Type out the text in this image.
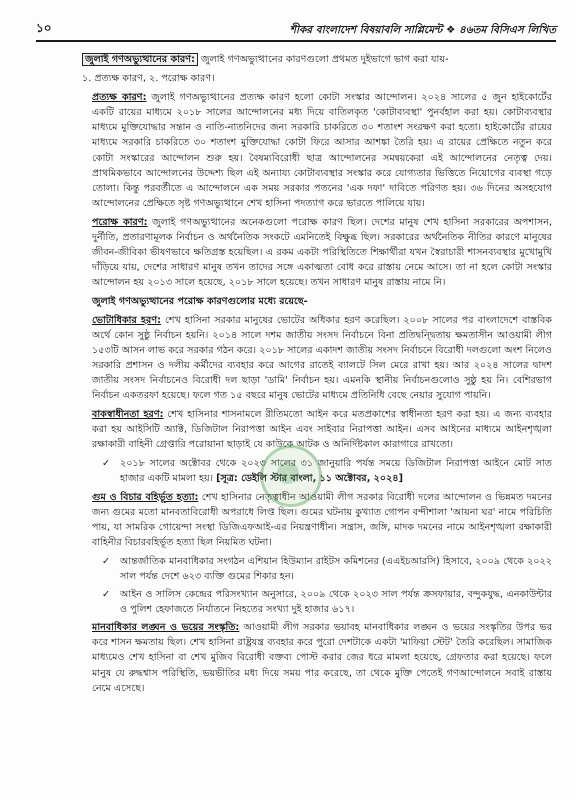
১০	শীকর বাংলাদেশ বিষয়াবলি সাপ্লিমেন্ট ❖ ৪৬তম বিসিএস লিখিত

জুলাই গণঅভ্যুত্থানের কারণ: জুলাই গণঅভ্যুত্থানের কারণগুলো প্রথমত দুইভাগে ভাগ করা যায়-

১. প্রত্যক্ষ কারণ, ২. পরোক্ষ কারণ।

প্রত্যক্ষ কারণ: জুলাই গণঅভ্যুত্থানের প্রত্যক্ষ কারণ হলো কোটা সংস্কার আন্দোলন। ২০২৪ সালের ৫ জুন হাইকোর্টের একটি রায়ের মাধ্যমে ২০১৮ সালের আন্দোলনের মধ্য দিয়ে বাতিলকৃত 'কোটাব্যবস্থা' পুনর্বহাল করা হয়। কোটাব্যবস্থার মাধ্যমে মুক্তিযোদ্ধার সন্তান ও নাতি-নাতনিদের জন্য সরকারি চাকরিতে ৩০ শতাংশ সংরক্ষণ করা হতো। হাইকোর্টের রায়ের মাধ্যমে সরকারি চাকরিতে ৩০ শতাংশ মুক্তিযোদ্ধা কোটা ফিরে আসার আশঙ্কা তৈরি হয়। এ রায়ের প্রেক্ষিতে নতুন করে কোটা সংস্কারের আন্দোলন শুরু হয়। বৈষম্যবিরোধী ছাত্র আন্দোলনের সমন্বয়কেরা এই আন্দোলনের নেতৃত্ব দেয়। প্রাথমিকভাবে আন্দোলনের উদ্দেশ্য ছিল এই অন্যায্য কোটাব্যবস্থার সংস্কার করে যোগ্যতার ভিত্তিতে নিয়োগের ব্যবস্থা গড়ে তোলা। কিন্তু পরবর্তীতে এ আন্দোলনে এক সময় সরকার পতনের 'এক দফা' দাবিতে পরিণত হয়। ৩৬ দিনের অসহযোগ আন্দোলনের প্রেক্ষিতে সৃষ্ট গণঅভ্যুত্থানে শেখ হাসিনা পদত্যাগ করে ভারতে পালিয়ে যায়।

পরোক্ষ কারণ: জুলাই গণঅভ্যুত্থানের অনেকগুলো পরোক্ষ কারণ ছিল। দেশের মানুষ শেখ হাসিনা সরকারের অপশাসন, দুর্নীতি, প্রতারণামূলক নির্বাচন ও অর্থনৈতিক সংকটে এমনিতেই বিক্ষুব্ধ ছিল। সরকারের অর্থনৈতিক নীতির কারণে মানুষের জীবন-জীবিকা ভীষণভাবে ক্ষতিগ্রস্ত হয়েছিল। এ রকম একটা পরিস্থিতিতে শিক্ষার্থীরা যখন স্বৈরাচারী শাসনব্যবস্থার মুখোমুখি দাঁড়িয়ে যায়, দেশের সাধারণ মানুষ তখন তাদের সঙ্গে একাত্মতা বোধ করে রাস্তায় নেমে আসে। তা না হলে কোটা সংস্কার আন্দোলন হয় ২০১৩ সালে হয়েছে, ২০১৮ সালে হয়েছে। তখন সাধারণ মানুষ রাস্তায় নামে নি।

জুলাই গণঅভ্যুত্থানের পরোক্ষ কারণগুলোর মধ্যে রয়েছে-

ভোটাধিকার হরণ: শেখ হাসিনা সরকার মানুষের ভোটের অধিকার হরণ করেছিল। ২০০৮ সালের পর বাংলাদেশে বাস্তবিক অর্থে কোন সুষ্ঠু নির্বাচন হয়নি। ২০১৪ সালে দশম জাতীয় সংসদ নির্বাচনে বিনা প্রতিদ্বন্দ্বিতায় ক্ষমতাসীন আওয়ামী লীগ ১৫৩টি আসন লাভ করে সরকার গঠন করে। ২০১৮ সালের একাদশ জাতীয় সংসদ নির্বাচনে বিরোধী দলগুলো অংশ নিলেও সরকারি প্রশাসন ও দলীয় কর্মীদের ব্যবহার করে আগের রাতেই ব্যালটে সিল মেরে রাখা হয়। আর ২০২৪ সালের দ্বাদশ জাতীয় সংসদ নির্বাচনেও বিরোধী দল ছাড়া 'ডামি' নির্বাচন হয়। এমনকি স্থানীয় নির্বাচনগুলোও সুষ্ঠু হয় নি। বেশিরভাগ নির্বাচন একতরফা হয়েছে। ফলে গত ১৫ বছরে মানুষ ভোটের মাধ্যমে প্রতিনিধি বেছে নেয়ার সুযোগ পায়নি।

বাকস্বাধীনতা হরণ: শেখ হাসিনার শাসনামলে রীতিমতো আইন করে মতপ্রকাশের স্বাধীনতা হরণ করা হয়। এ জন্য ব্যবহার করা হয় আইসিটি অ্যাক্ট, ডিজিটাল নিরাপত্তা আইন এবং সাইবার নিরাপত্তা আইন। এসব আইনের মাধ্যমে আইনশৃঙ্খলা রক্ষাকারী বাহিনী গ্রেপ্তারি পরোয়ানা ছাড়াই যে কাউকে আটক ও অনির্দিষ্টকাল কারাগারে রাখতো।

✓	২০১৮ সালের অক্টোবর থেকে ২০২৩ সালের ৩১ জানুয়ারি পর্যন্ত সময়ে ডিজিটাল নিরাপত্তা আইনে মোট সাত হাজার একটি মামলা হয়। [সূত্র: ডেইলি স্টার বাংলা, ১১ অক্টোবর, ২০২৪]

গুম ও বিচার বহির্ভূত হত্যা: শেখ হাসিনার নেতৃত্বাধীন আওয়ামী লীগ সরকার বিরোধী দলের আন্দোলন ও ভিন্নমত দমনের জন্য গুমের মতো মানবতাবিরোধী অপরাধে লিপ্ত ছিল। গুমের ঘটনায় কুখ্যাত গোপন বন্দীশালা 'আয়না ঘর' নামে পরিচিতি পায়, যা সামরিক গোয়েন্দা সংস্থা ডিজিএফআই-এর নিয়ন্ত্রণাধীন। সন্ত্রাস, জঙ্গি, মাদক দমনের নামে আইনশৃঙ্খলা রক্ষাকারী বাহিনীর বিচারবহির্ভূত হত্যা ছিল নিয়মিত ঘটনা।

✓	আন্তর্জাতিক মানবাধিকার সংগঠন এশিয়ান হিউম্যান রাইটস কমিশনের (এএইচআরসি) হিসাবে, ২০০৯ থেকে ২০২২ সাল পর্যন্ত দেশে ৬২৩ ব্যক্তি গুমের শিকার হন।
✓	আইন ও সালিস কেন্দ্রের পরিসংখ্যান অনুসারে, ২০০৯ থেকে ২০২৩ সাল পর্যন্ত ক্রসফায়ার, বন্দুকযুদ্ধ, এনকাউন্টার ও পুলিশ হেফাজতে নির্যাতনে নিহতের সংখ্যা দুই হাজার ৬১৭।

মানবাধিকার লঙ্ঘন ও ভয়ের সংস্কৃতি: আওয়ামী লীগ সরকার ভয়াবহ মানবাধিকার লঙ্ঘন ও ভয়ের সংস্কৃতির উপর ভর করে শাসন ক্ষমতায় ছিল। শেখ হাসিনা রাষ্ট্রযন্ত্র ব্যবহার করে পুরো দেশটাকে একটা 'মাফিয়া স্টেট' তৈরি করেছিল। সামাজিক মাধ্যমেও শেখ হাসিনা বা শেখ মুজিব বিরোধী বক্তব্য পোস্ট করার জের ধরে মামলা হয়েছে, গ্রেফতার করা হয়েছে। ফলে মানুষ যে রুদ্ধশ্বাস পরিস্থিতি, ভয়ভীতির মধ্য দিয়ে সময় পার করেছে, তা থেকে মুক্তি পেতেই গণআন্দোলনে সবাই রাস্তায় নেমে এসেছে।
